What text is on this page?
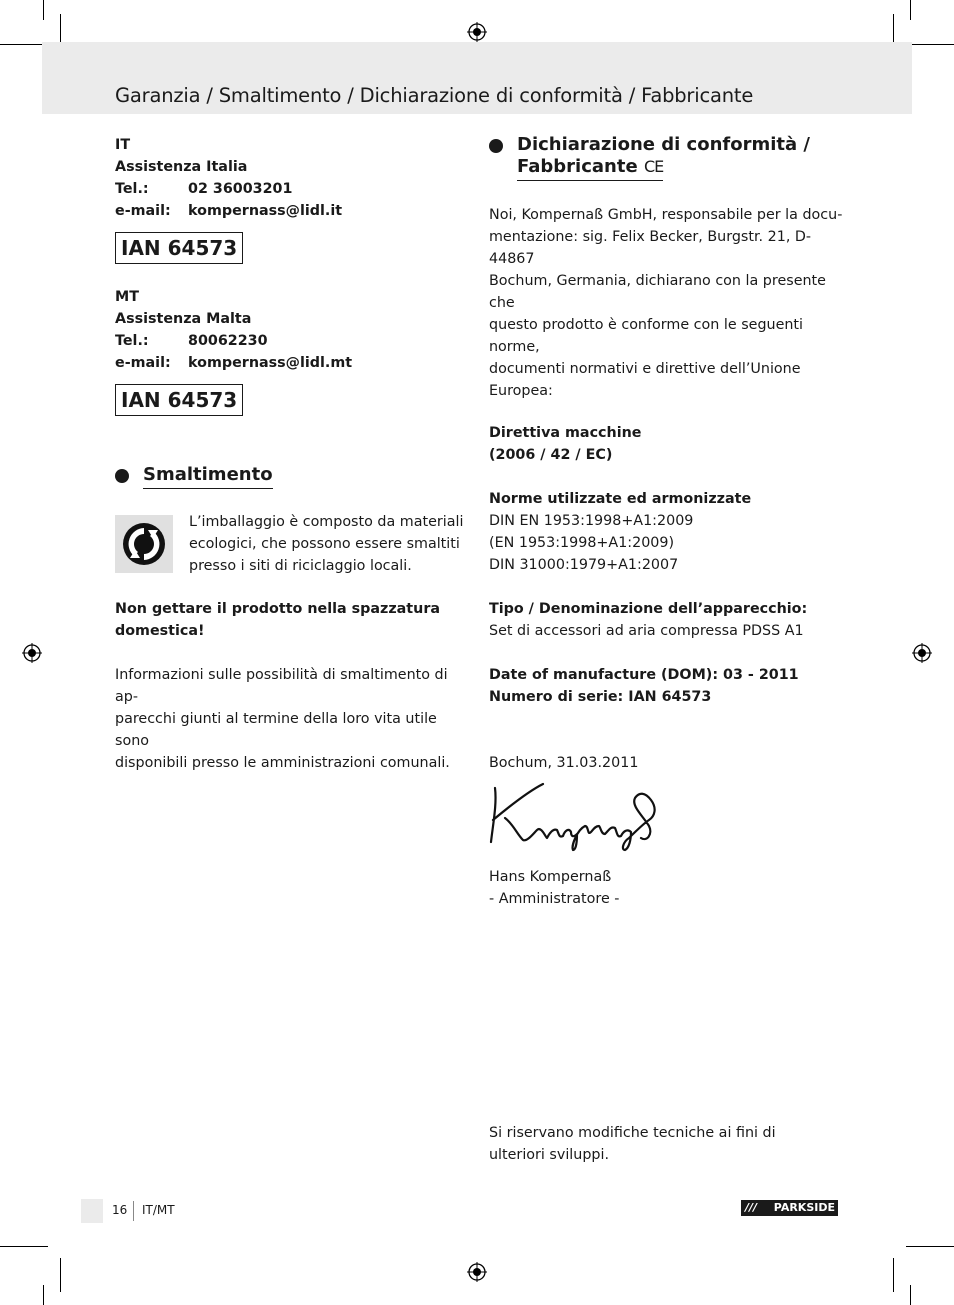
Garanzia / Smaltimento / Dichiarazione di conformità / Fabbricante
IT
Assistenza Italia
Tel.:	02 36003201
e-mail:	kompernass@lidl.it
IAN 64573
MT
Assistenza Malta
Tel.:	80062230
e-mail:	kompernass@lidl.mt
IAN 64573
Smaltimento
L’imballaggio è composto da materiali
ecologici, che possono essere smaltiti
presso i siti di riciclaggio locali.
Non gettare il prodotto nella spazzatura
domestica!
Informazioni sulle possibilità di smaltimento di ap-
parecchi giunti al termine della loro vita utile sono
disponibili presso le amministrazioni comunali.
Dichiarazione di conformità /
Fabbricante CE
Noi, Kompernaß GmbH, responsabile per la docu-
mentazione: sig. Felix Becker, Burgstr. 21, D-44867
Bochum, Germania, dichiarano con la presente che
questo prodotto è conforme con le seguenti norme,
documenti normativi e direttive dell’Unione Europea:
Direttiva macchine
(2006 / 42 / EC)
Norme utilizzate ed armonizzate
DIN EN 1953:1998+A1:2009
(EN 1953:1998+A1:2009)
DIN 31000:1979+A1:2007
Tipo / Denominazione dell’apparecchio:
Set di accessori ad aria compressa PDSS A1
Date of manufacture (DOM): 03 - 2011
Numero di serie: IAN 64573
Bochum, 31.03.2011
Hans Kompernaß
- Amministratore -
Si riservano modifiche tecniche ai fini di
ulteriori sviluppi.
16 IT/MT	/// PARKSIDE
